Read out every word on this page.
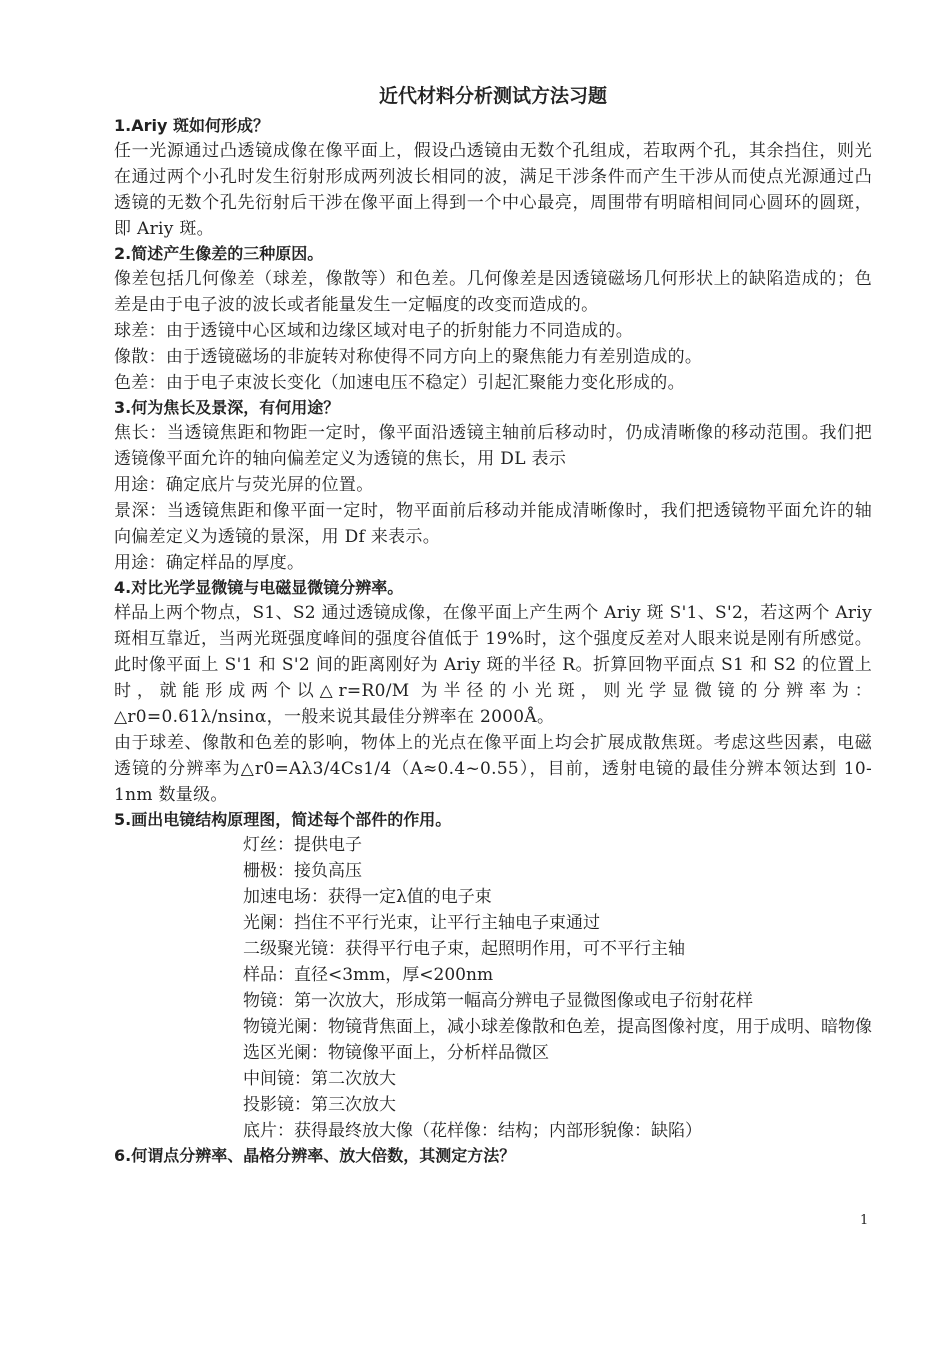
近代材料分析测试方法习题
1.Ariy 斑如何形成？
任一光源通过凸透镜成像在像平面上，假设凸透镜由无数个孔组成，若取两个孔，其余挡住，则光在通过两个小孔时发生衍射形成两列波长相同的波，满足干涉条件而产生干涉从而使点光源通过凸透镜的无数个孔先衍射后干涉在像平面上得到一个中心最亮，周围带有明暗相间同心圆环的圆斑，即 Ariy 斑。
2.简述产生像差的三种原因。
像差包括几何像差（球差，像散等）和色差。几何像差是因透镜磁场几何形状上的缺陷造成的；色差是由于电子波的波长或者能量发生一定幅度的改变而造成的。
球差：由于透镜中心区域和边缘区域对电子的折射能力不同造成的。
像散：由于透镜磁场的非旋转对称使得不同方向上的聚焦能力有差别造成的。
色差：由于电子束波长变化（加速电压不稳定）引起汇聚能力变化形成的。
3.何为焦长及景深，有何用途？
焦长：当透镜焦距和物距一定时，像平面沿透镜主轴前后移动时，仍成清晰像的移动范围。我们把透镜像平面允许的轴向偏差定义为透镜的焦长，用 DL 表示
用途：确定底片与荧光屏的位置。
景深：当透镜焦距和像平面一定时，物平面前后移动并能成清晰像时，我们把透镜物平面允许的轴向偏差定义为透镜的景深，用 Df 来表示。
用途：确定样品的厚度。
4.对比光学显微镜与电磁显微镜分辨率。
样品上两个物点，S1、S2 通过透镜成像，在像平面上产生两个 Ariy 斑 S'1、S'2，若这两个 Ariy 斑相互靠近，当两光斑强度峰间的强度谷值低于 19%时，这个强度反差对人眼来说是刚有所感觉。此时像平面上 S'1 和 S'2 间的距离刚好为 Ariy 斑的半径 R。折算回物平面点 S1 和 S2 的位置上时，就能形成两个以△r=R0/M 为半径的小光斑，则光学显微镜的分辨率为：△r0=0.61λ/nsinα，一般来说其最佳分辨率在 2000Å。
由于球差、像散和色差的影响，物体上的光点在像平面上均会扩展成散焦斑。考虑这些因素，电磁透镜的分辨率为△r0=Aλ3/4Cs1/4（A≈0.4~0.55），目前，透射电镜的最佳分辨本领达到 10-1nm 数量级。
5.画出电镜结构原理图，简述每个部件的作用。
灯丝：提供电子
栅极：接负高压
加速电场：获得一定λ值的电子束
光阑：挡住不平行光束，让平行主轴电子束通过
二级聚光镜：获得平行电子束，起照明作用，可不平行主轴
样品：直径<3mm，厚<200nm
物镜：第一次放大，形成第一幅高分辨电子显微图像或电子衍射花样
物镜光阑：物镜背焦面上，减小球差像散和色差，提高图像衬度，用于成明、暗物像
选区光阑：物镜像平面上，分析样品微区
中间镜：第二次放大
投影镜：第三次放大
底片：获得最终放大像（花样像：结构；内部形貌像：缺陷）
6.何谓点分辨率、晶格分辨率、放大倍数，其测定方法？
1
